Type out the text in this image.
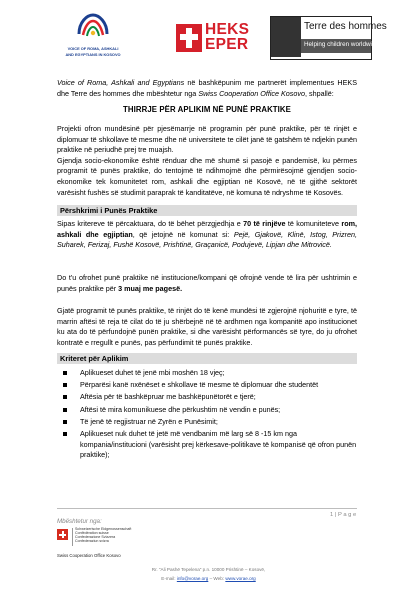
VOICE OF ROMA, ASHKALI
AND EGYPTIANS IN KOSOVO
HEKS
EPER
Terre des hommes
Helping children worldwide.
Voice of Roma, Ashkali and Egyptians në bashkëpunim me partnerët implementues HEKS dhe Terre des hommes dhe mbështetur nga Swiss Cooperation Office Kosovo, shpallë:
THIRRJE PËR APLIKIM NË PUNË PRAKTIKE
Projekti ofron mundësinë për pjesëmarrje në programin për punë praktike, për të rinjët e diplomuar të shkollave të mesme dhe në universitete te cilët janë të gatshëm të ndjekin punën praktike në periudhë prej tre muajsh.
Gjendja socio-ekonomike është rënduar dhe më shumë si pasojë e pandemisë, ku përmes programit të punës praktike, do tentojmë të ndihmojmë dhe përmirësojmë gjendjen socio-ekonomike tek komunitetet rom, ashkali dhe egjiptian në Kosovë, në të gjithë sektorët varësisht fushës së studimit paraprak të kanditatëve, në komuna të ndryshme të Kosovës.
Përshkrimi i Punës Praktike
Sipas kritereve të përcaktuara, do të bëhet përzgjedhja e 70 të rinjëve të komuniteteve rom, ashkali dhe egjiptian, që jetojnë në komunat si: Pejë, Gjakovë, Klinë, Istog, Prizren, Suharek, Ferizaj, Fushë Kosovë, Prishtinë, Graçanicë, Podujevë, Lipjan dhe Mitrovicë.
Do t'u ofrohet punë praktike në institucione/kompani që ofrojnë vende të lira për ushtrimin e punës praktike për 3 muaj me pagesë.
Gjatë programit të punës praktike, të rinjët do të kenë mundësi të zgjerojnë njohuritë e tyre, të marrin aftësi të reja të cilat do të ju shërbejnë në të ardhmen nga kompanitë apo institucionet ku ata do të përfundojnë punën praktike, si dhe varësisht përformancës së tyre, do ju ofrohet kontratë e rregullt e punës, pas përfundimit të punës praktike.
Kriteret për Aplikim
Aplikueset duhet të jenë mbi moshën 18 vjeç;
Përparësi kanë nxënëset e shkollave të mesme të diplomuar dhe studentët
Aftësia për të bashkëpruar me bashkëpunëtorët e tjerë;
Aftësi të mira komunikuese dhe përkushtim në vendin e punës;
Të jenë të regjistruar në Zyrën e Punësimit;
Aplikueset nuk duhet të jetë më vendbanim më larg së 8 -15 km nga kompania/institucioni (varësisht prej kërkesave-politikave të kompanisë që ofron punën praktike);
1 | P a g e
Mbështetur nga:
Schweizerische Eidgenossenschaft
Confédération suisse
Confederazione Svizzera
Confederaziun svizra
Swiss Cooperation Office Kosovo
Rr. "Ali Pashë Tepelena" p.n. 10000 Prishtinë – Kosovë,
E-mail: info@vorae.org – Web: www.vorae.org
